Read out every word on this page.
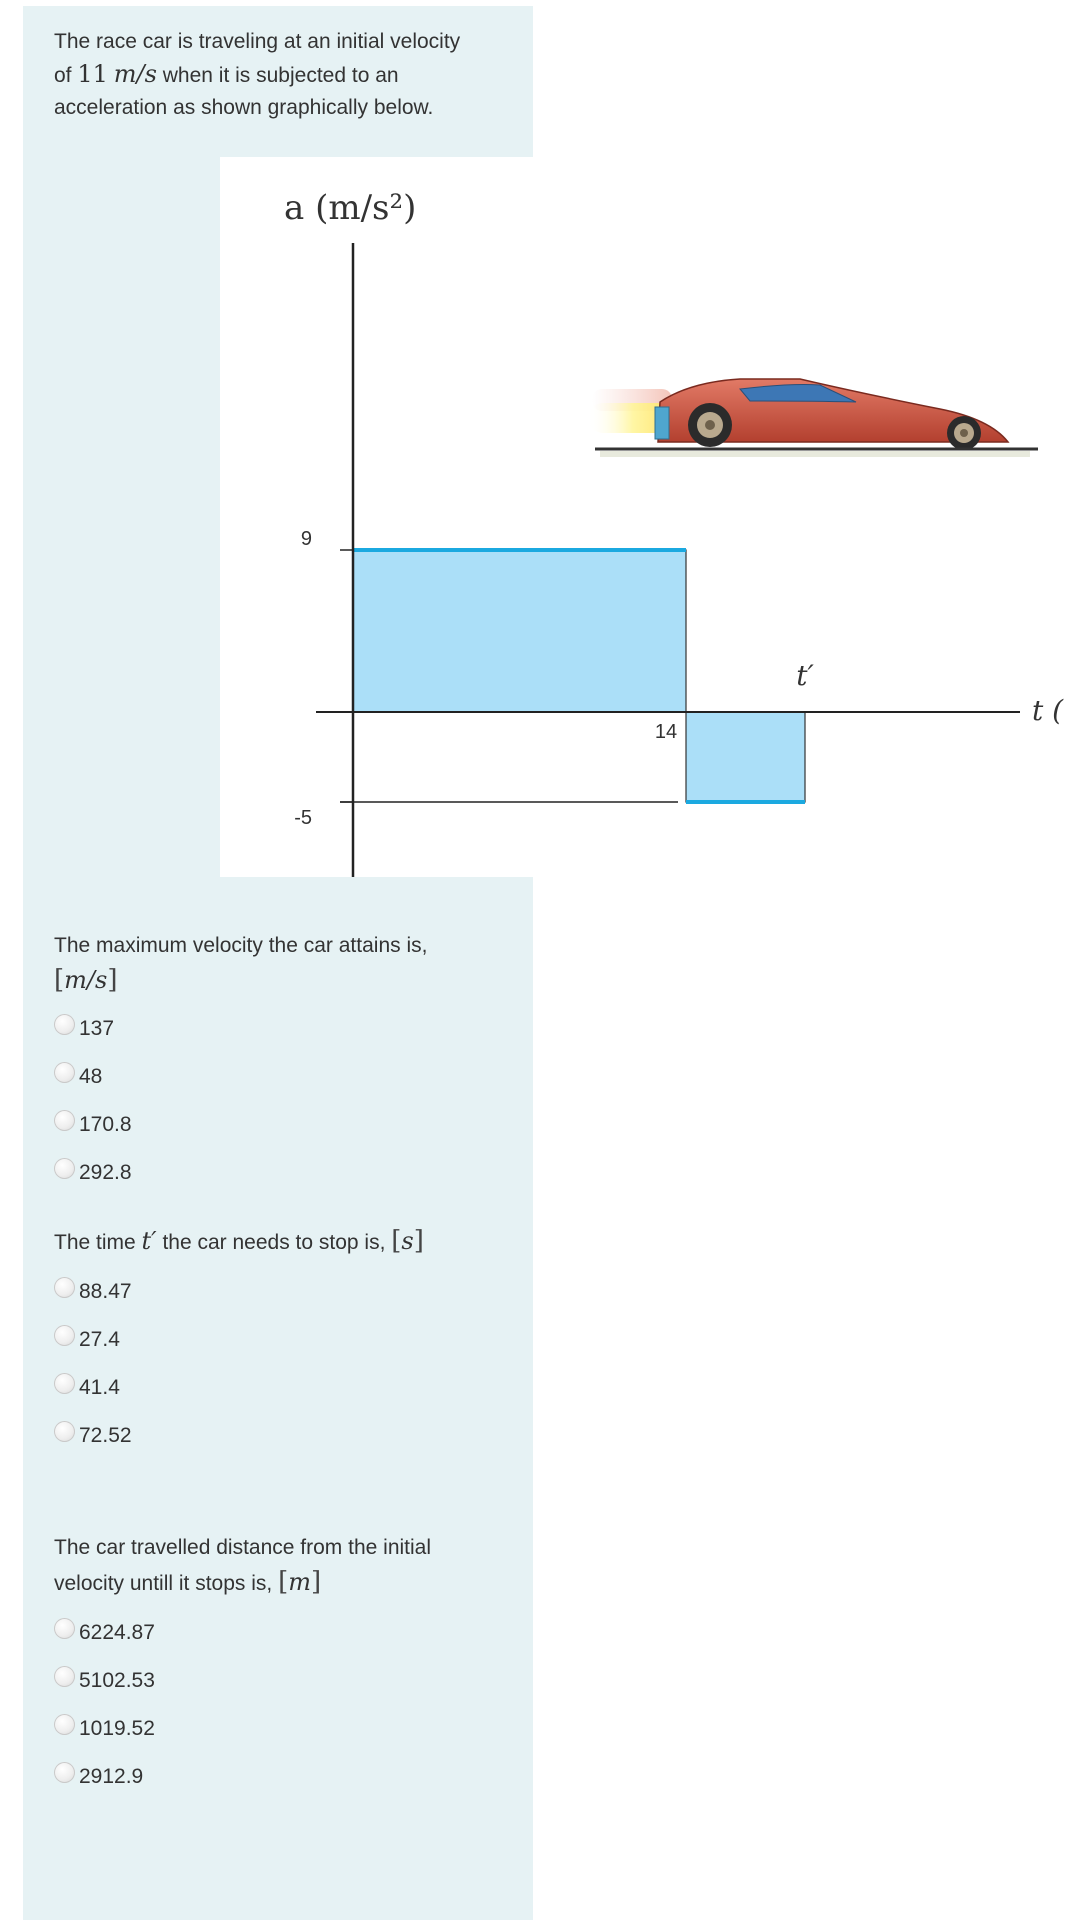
The race car is traveling at an initial velocity
of 11 m/s when it is subjected to an
acceleration as shown graphically below.
9
-5
14
t′
t (
a (m/s²)
The maximum velocity the car attains is,
[m/s]
137
48
170.8
292.8
The time t′ the car needs to stop is, [s]
88.47
27.4
41.4
72.52
The car travelled distance from the initial
velocity untill it stops is, [m]
6224.87
5102.53
1019.52
2912.9
